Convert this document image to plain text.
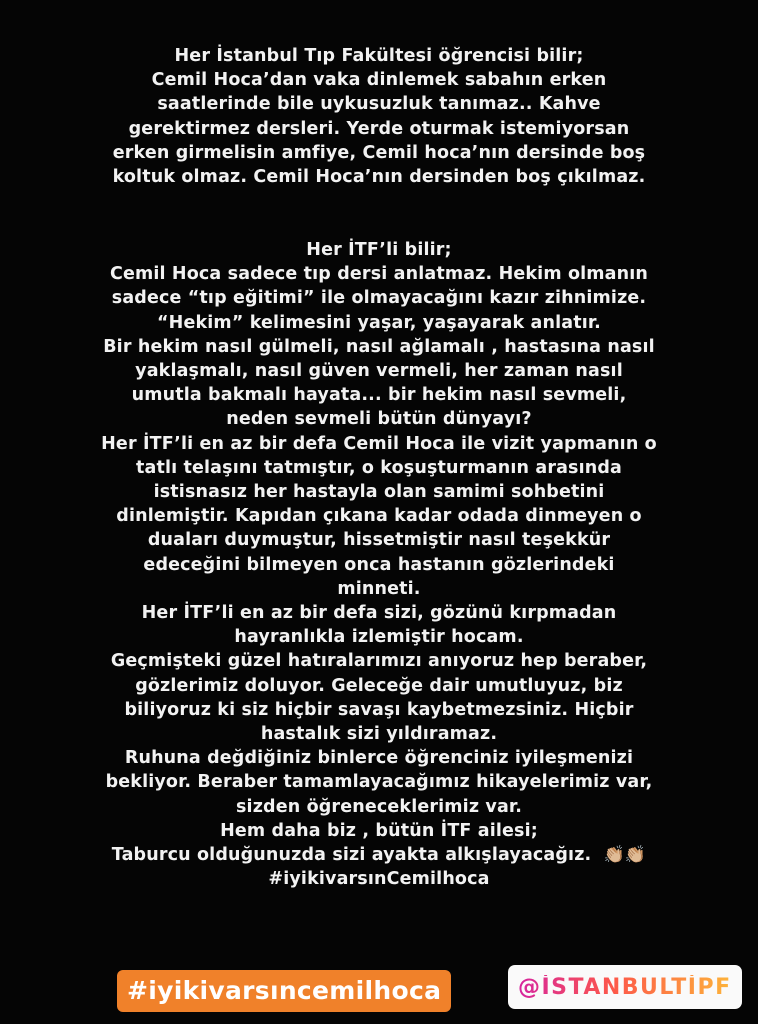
Her İstanbul Tıp Fakültesi öğrencisi bilir;
Cemil Hoca’dan vaka dinlemek sabahın erken
saatlerinde bile uykusuzluk tanımaz.. Kahve
gerektirmez dersleri. Yerde oturmak istemiyorsan
erken girmelisin amfiye, Cemil hoca’nın dersinde boş
koltuk olmaz. Cemil Hoca’nın dersinden boş çıkılmaz.
Her İTF’li bilir;
Cemil Hoca sadece tıp dersi anlatmaz. Hekim olmanın
sadece “tıp eğitimi” ile olmayacağını kazır zihnimize.
“Hekim” kelimesini yaşar, yaşayarak anlatır.
Bir hekim nasıl gülmeli, nasıl ağlamalı , hastasına nasıl
yaklaşmalı, nasıl güven vermeli, her zaman nasıl
umutla bakmalı hayata... bir hekim nasıl sevmeli,
neden sevmeli bütün dünyayı?
Her İTF’li en az bir defa Cemil Hoca ile vizit yapmanın o
tatlı telaşını tatmıştır, o koşuşturmanın arasında
istisnasız her hastayla olan samimi sohbetini
dinlemiştir. Kapıdan çıkana kadar odada dinmeyen o
duaları duymuştur, hissetmiştir nasıl teşekkür
edeceğini bilmeyen onca hastanın gözlerindeki
minneti.
Her İTF’li en az bir defa sizi, gözünü kırpmadan
hayranlıkla izlemiştir hocam.
Geçmişteki güzel hatıralarımızı anıyoruz hep beraber,
gözlerimiz doluyor. Geleceğe dair umutluyuz, biz
biliyoruz ki siz hiçbir savaşı kaybetmezsiniz. Hiçbir
hastalık sizi yıldıramaz.
Ruhuna değdiğiniz binlerce öğrenciniz iyileşmenizi
bekliyor. Beraber tamamlayacağımız hikayelerimiz var,
sizden öğreneceklerimiz var.
Hem daha biz , bütün İTF ailesi;
Taburcu olduğunuzda sizi ayakta alkışlayacağız. 👏🏼👏🏼
#iyikivarsınCemilhoca
#iyikivarsıncemilhoca	@İSTANBULTİPF
